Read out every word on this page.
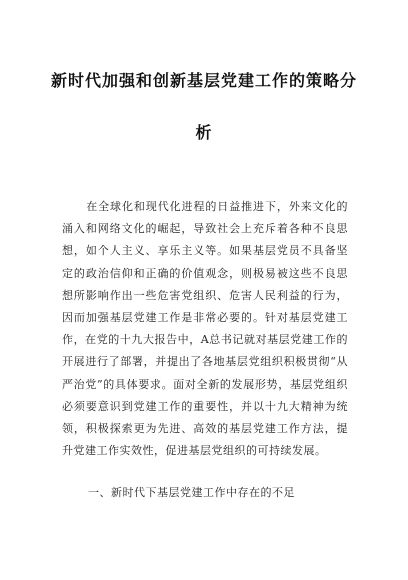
新时代加强和创新基层党建工作的策略分
析

在全球化和现代化进程的日益推进下，外来文化的涌入和网络文化的崛起，导致社会上充斥着各种不良思想，如个人主义、享乐主义等。如果基层党员不具备坚定的政治信仰和正确的价值观念，则极易被这些不良思想所影响作出一些危害党组织、危害人民利益的行为，因而加强基层党建工作是非常必要的。针对基层党建工作，在党的十九大报告中，A总书记就对基层党建工作的开展进行了部署，并提出了各地基层党组织积极贯彻“从严治党”的具体要求。面对全新的发展形势，基层党组织必须要意识到党建工作的重要性，并以十九大精神为统领，积极探索更为先进、高效的基层党建工作方法，提升党建工作实效性，促进基层党组织的可持续发展。

一、新时代下基层党建工作中存在的不足
